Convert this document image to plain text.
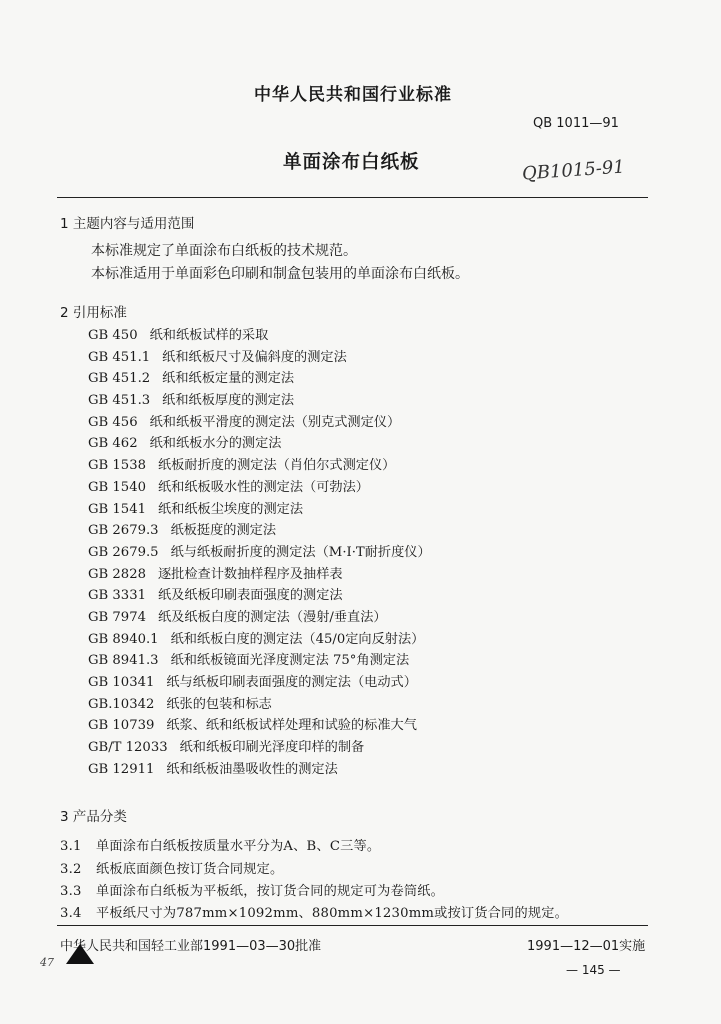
中华人民共和国行业标准
QB 1011—91
单面涂布白纸板	QB1015-91
1 主题内容与适用范围
本标准规定了单面涂布白纸板的技术规范。
本标准适用于单面彩色印刷和制盒包装用的单面涂布白纸板。
2 引用标准
GB 450 纸和纸板试样的采取
GB 451.1 纸和纸板尺寸及偏斜度的测定法
GB 451.2 纸和纸板定量的测定法
GB 451.3 纸和纸板厚度的测定法
GB 456 纸和纸板平滑度的测定法（别克式测定仪）
GB 462 纸和纸板水分的测定法
GB 1538 纸板耐折度的测定法（肖伯尔式测定仪）
GB 1540 纸和纸板吸水性的测定法（可勃法）
GB 1541 纸和纸板尘埃度的测定法
GB 2679.3 纸板挺度的测定法
GB 2679.5 纸与纸板耐折度的测定法（M·I·T耐折度仪）
GB 2828 逐批检查计数抽样程序及抽样表
GB 3331 纸及纸板印刷表面强度的测定法
GB 7974 纸及纸板白度的测定法（漫射/垂直法）
GB 8940.1 纸和纸板白度的测定法（45/0定向反射法）
GB 8941.3 纸和纸板镜面光泽度测定法 75°角测定法
GB 10341 纸与纸板印刷表面强度的测定法（电动式）
GB.10342 纸张的包装和标志
GB 10739 纸浆、纸和纸板试样处理和试验的标准大气
GB/T 12033 纸和纸板印刷光泽度印样的制备
GB 12911 纸和纸板油墨吸收性的测定法
3 产品分类
3.1 单面涂布白纸板按质量水平分为A、B、C三等。
3.2 纸板底面颜色按订货合同规定。
3.3 单面涂布白纸板为平板纸，按订货合同的规定可为卷筒纸。
3.4 平板纸尺寸为787mm×1092mm、880mm×1230mm或按订货合同的规定。
中华人民共和国轻工业部1991—03—30批准	1991—12—01实施
47
— 145 —
